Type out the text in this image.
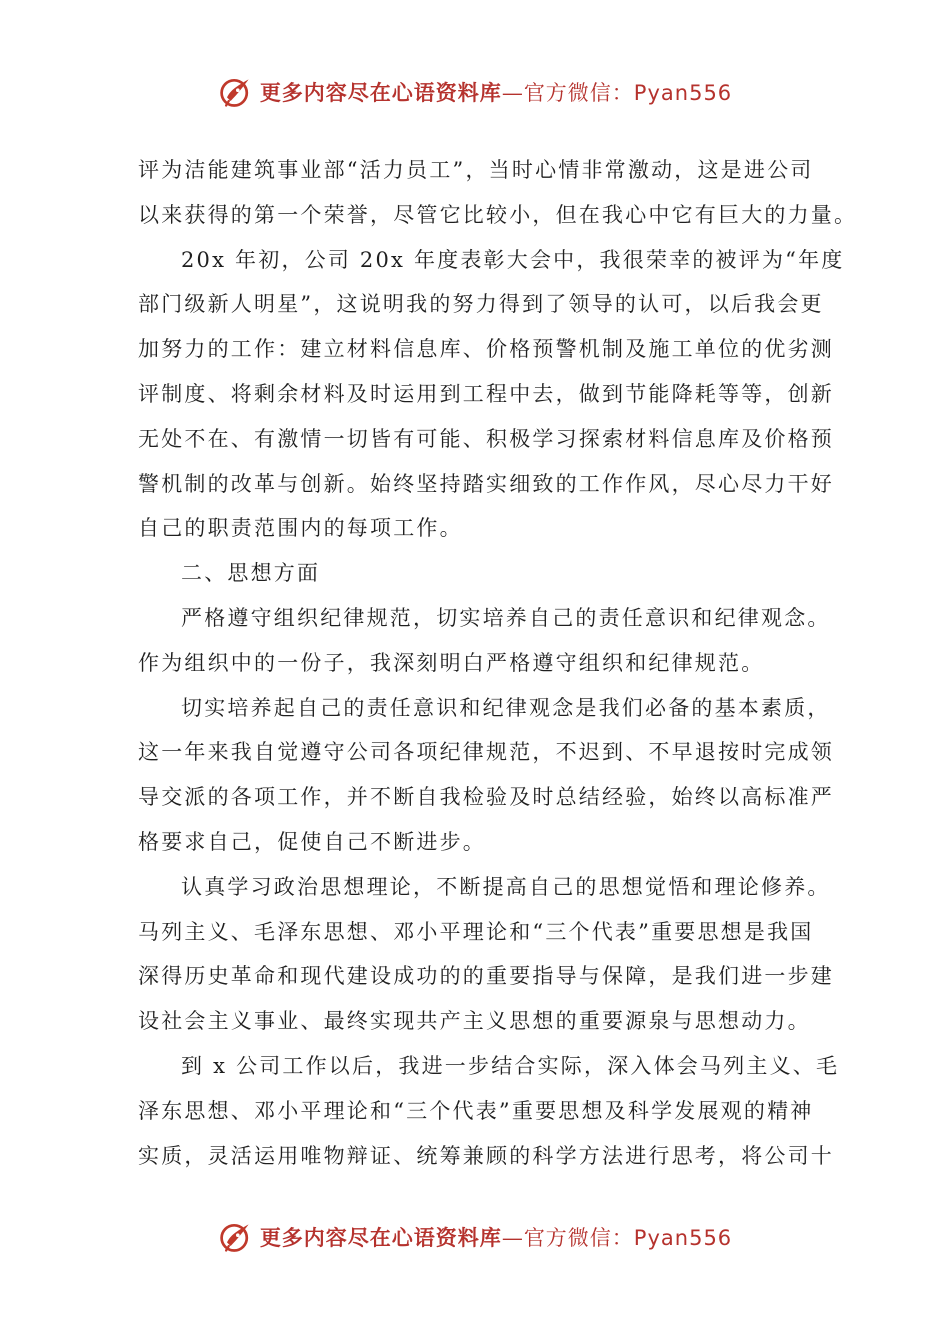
更多内容尽在心语资料库—官方微信：Pyan556
评为洁能建筑事业部“活力员工”，当时心情非常激动，这是进公司
以来获得的第一个荣誉，尽管它比较小，但在我心中它有巨大的力量。
20x 年初，公司 20x 年度表彰大会中，我很荣幸的被评为“年度
部门级新人明星”，这说明我的努力得到了领导的认可，以后我会更
加努力的工作：建立材料信息库、价格预警机制及施工单位的优劣测
评制度、将剩余材料及时运用到工程中去，做到节能降耗等等，创新
无处不在、有激情一切皆有可能、积极学习探索材料信息库及价格预
警机制的改革与创新。始终坚持踏实细致的工作作风，尽心尽力干好
自己的职责范围内的每项工作。
二、思想方面
严格遵守组织纪律规范，切实培养自己的责任意识和纪律观念。
作为组织中的一份子，我深刻明白严格遵守组织和纪律规范。
切实培养起自己的责任意识和纪律观念是我们必备的基本素质，
这一年来我自觉遵守公司各项纪律规范，不迟到、不早退按时完成领
导交派的各项工作，并不断自我检验及时总结经验，始终以高标准严
格要求自己，促使自己不断进步。
认真学习政治思想理论，不断提高自己的思想觉悟和理论修养。
马列主义、毛泽东思想、邓小平理论和“三个代表”重要思想是我国
深得历史革命和现代建设成功的的重要指导与保障，是我们进一步建
设社会主义事业、最终实现共产主义思想的重要源泉与思想动力。
到 x 公司工作以后，我进一步结合实际，深入体会马列主义、毛
泽东思想、邓小平理论和“三个代表”重要思想及科学发展观的精神
实质，灵活运用唯物辩证、统筹兼顾的科学方法进行思考，将公司十
更多内容尽在心语资料库—官方微信：Pyan556
